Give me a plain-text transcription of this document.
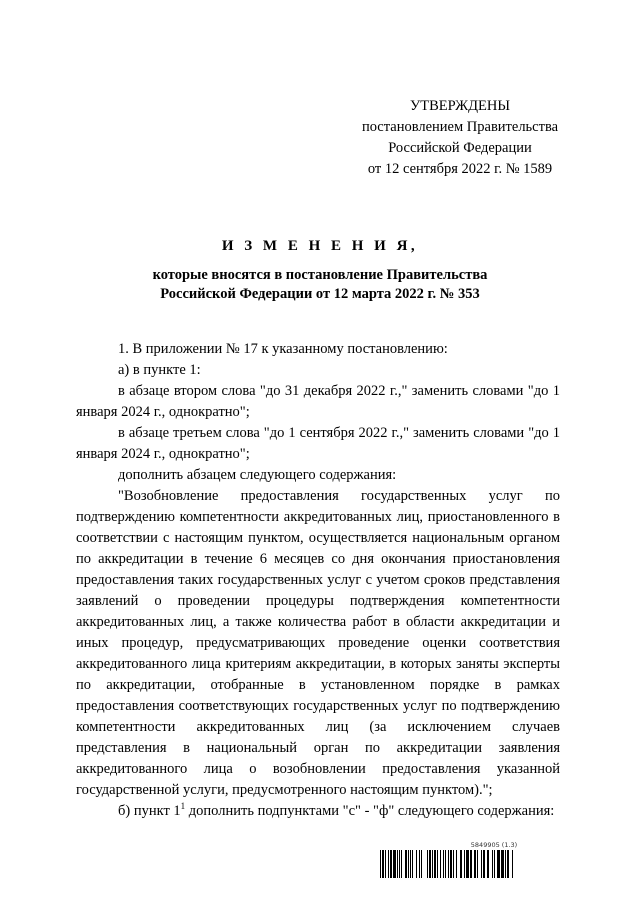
УТВЕРЖДЕНЫ
постановлением Правительства
Российской Федерации
от 12 сентября 2022 г. № 1589
И З М Е Н Е Н И Я,
которые вносятся в постановление Правительства
Российской Федерации от 12 марта 2022 г. № 353

1. В приложении № 17 к указанному постановлению:

а) в пункте 1:

в абзаце втором слова "до 31 декабря 2022 г.," заменить словами "до 1 января 2024 г., однократно";

в абзаце третьем слова "до 1 сентября 2022 г.," заменить словами "до 1 января 2024 г., однократно";

дополнить абзацем следующего содержания:

"Возобновление предоставления государственных услуг по подтверждению компетентности аккредитованных лиц, приостановленного в соответствии с настоящим пунктом, осуществляется национальным органом по аккредитации в течение 6 месяцев со дня окончания приостановления предоставления таких государственных услуг с учетом сроков представления заявлений о проведении процедуры подтверждения компетентности аккредитованных лиц, а также количества работ в области аккредитации и иных процедур, предусматривающих проведение оценки соответствия аккредитованного лица критериям аккредитации, в которых заняты эксперты по аккредитации, отобранные в установленном порядке в рамках предоставления соответствующих государственных услуг по подтверждению компетентности аккредитованных лиц (за исключением случаев представления в национальный орган по аккредитации заявления аккредитованного лица о возобновлении предоставления указанной государственной услуги, предусмотренного настоящим пунктом).";

б) пункт $1^1$ дополнить подпунктами "с" - "ф" следующего содержания:

5849905 (1.3)
